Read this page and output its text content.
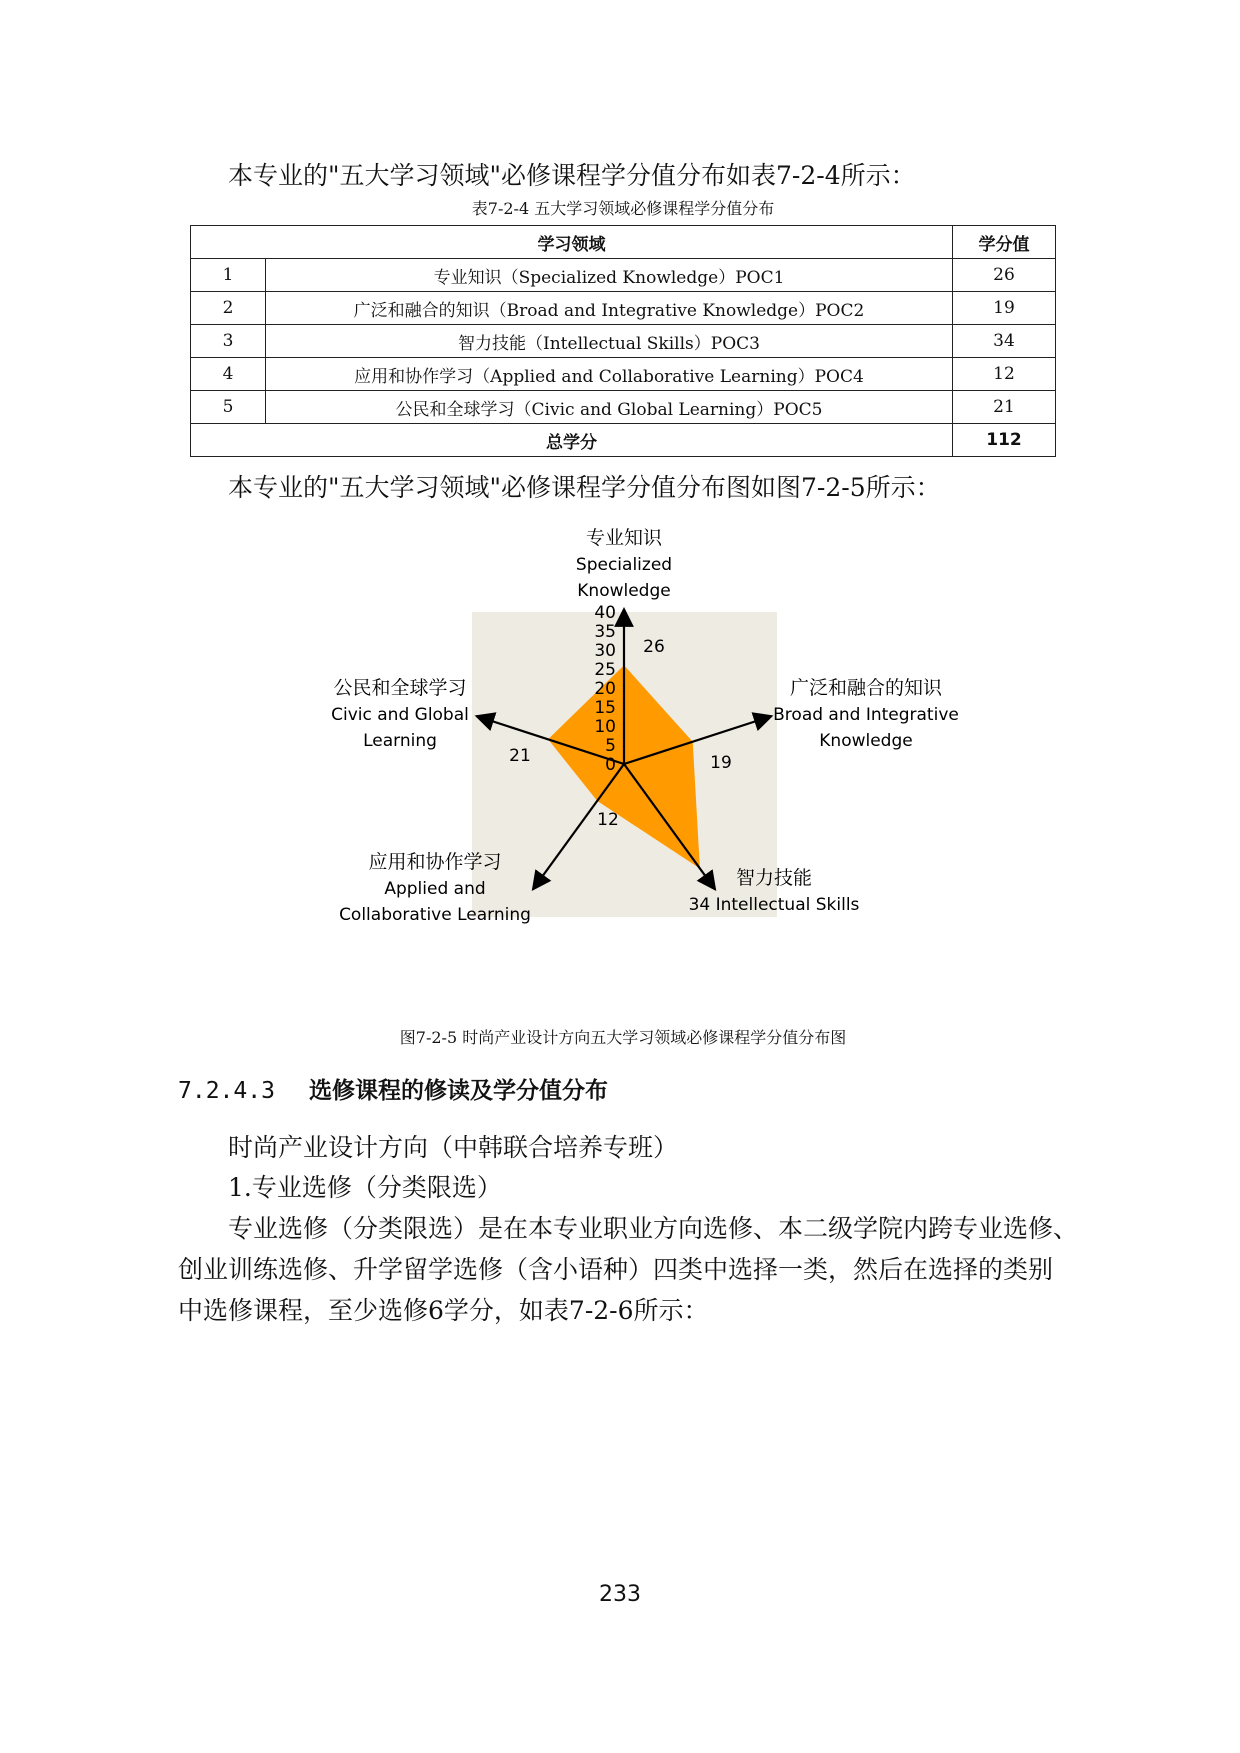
本专业的"五大学习领域"必修课程学分值分布如表7-2-4所示：
表7-2-4 五大学习领域必修课程学分值分布
学习领域		学分值
1	专业知识（Specialized Knowledge）POC1	26
2	广泛和融合的知识（Broad and Integrative Knowledge）POC2	19
3	智力技能（Intellectual Skills）POC3	34
4	应用和协作学习（Applied and Collaborative Learning）POC4	12
5	公民和全球学习（Civic and Global Learning）POC5	21
总学分		112
本专业的"五大学习领域"必修课程学分值分布图如图7-2-5所示：
0
5
10
15
20
25
30
35
40
26
19
12
21
专业知识
Specialized
Knowledge
广泛和融合的知识
Broad and Integrative
Knowledge
智力技能
34 Intellectual Skills
应用和协作学习
Applied and
Collaborative Learning
公民和全球学习
Civic and Global
Learning
图7-2-5 时尚产业设计方向五大学习领域必修课程学分值分布图
7.2.4.3 选修课程的修读及学分值分布
时尚产业设计方向（中韩联合培养专班）
1.专业选修（分类限选）
专业选修（分类限选）是在本专业职业方向选修、本二级学院内跨专业选修、
创业训练选修、升学留学选修（含小语种）四类中选择一类，然后在选择的类别
中选修课程，至少选修6学分，如表7-2-6所示：
233
